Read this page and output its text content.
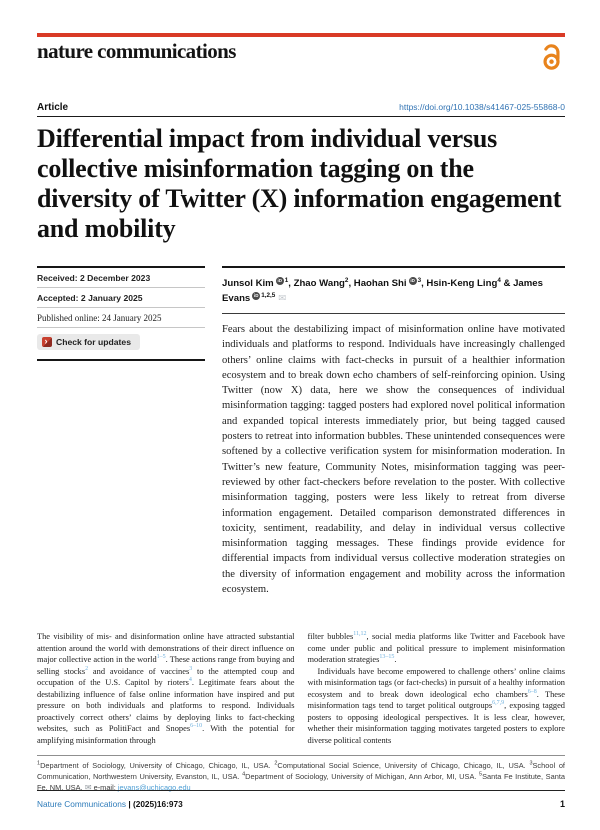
nature communications
Article	https://doi.org/10.1038/s41467-025-55868-0
Differential impact from individual versus collective misinformation tagging on the diversity of Twitter (X) information engagement and mobility
Received: 2 December 2023
Accepted: 2 January 2025
Published online: 24 January 2025
›
Check for updates
Junsol Kim iD $^1$, Zhao Wang$^2$, Haohan Shi iD $^3$, Hsin-Keng Ling$^4$ & James Evans iD $^{1,2,5}$ ✉
Fears about the destabilizing impact of misinformation online have motivated individuals and platforms to respond. Individuals have increasingly challenged others’ online claims with fact-checks in pursuit of a healthier information ecosystem and to break down echo chambers of self-reinforcing opinion. Using Twitter (now X) data, here we show the consequences of individual misinformation tagging: tagged posters had explored novel political information and expanded topical interests immediately prior, but being tagged caused posters to retreat into information bubbles. These unintended consequences were softened by a collective verification system for misinformation moderation. In Twitter’s new feature, Community Notes, misinformation tagging was peer-reviewed by other fact-checkers before revelation to the poster. With collective misinformation tagging, posters were less likely to retreat from diverse information engagement. Detailed comparison demonstrated differences in toxicity, sentiment, readability, and delay in individual versus collective misinformation tagging messages. These findings provide evidence for differential impacts from individual versus collective moderation strategies on the diversity of information engagement and mobility across the information ecosystem.

The visibility of mis- and disinformation online have attracted substantial attention around the world with demonstrations of their direct influence on major collective action in the world$^{1-5}$. These actions range from buying and selling stocks$^2$ and avoidance of vaccines$^3$ to the attempted coup and occupation of the U.S. Capitol by rioters$^4$. Legitimate fears about the destabilizing influence of false online information have inspired and put pressure on both individuals and platforms to respond. Individuals proactively correct others’ claims by deploying links to fact-checking websites, such as PolitiFact and Snopes$^{6-10}$. With the potential for amplifying misinformation through

filter bubbles$^{11,12}$, social media platforms like Twitter and Facebook have come under public and political pressure to implement misinformation moderation strategies$^{13-15}$.

Individuals have become empowered to challenge others’ online claims with misinformation tags (or fact-checks) in pursuit of a healthy information ecosystem and to break down ideological echo chambers$^{6-8}$. These misinformation tags tend to target political outgroups$^{6,7,9}$, exposing tagged posters to opposing ideological perspectives. It is less clear, however, whether their misinformation tagging motivates targeted posters to explore diverse political contents

$^1$Department of Sociology, University of Chicago, Chicago, IL, USA. $^2$Computational Social Science, University of Chicago, Chicago, IL, USA. $^3$School of Communication, Northwestern University, Evanston, IL, USA. $^4$Department of Sociology, University of Michigan, Ann Arbor, MI, USA. $^5$Santa Fe Institute, Santa Fe, NM, USA. ✉ e-mail: jevans@uchicago.edu
Nature Communications | (2025)16:973	1
